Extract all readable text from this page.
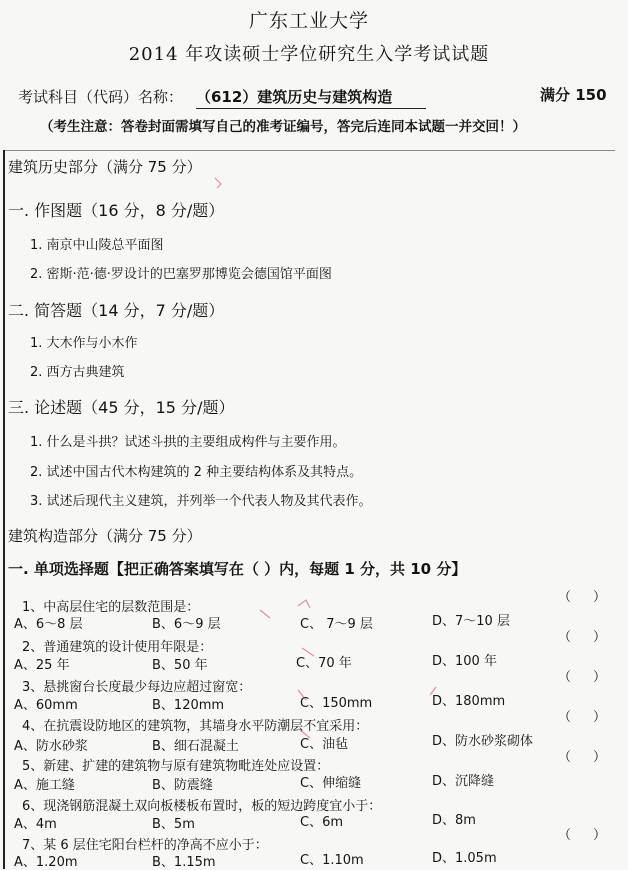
广东工业大学
2014 年攻读硕士学位研究生入学考试试题
考试科目（代码）名称： （612）建筑历史与建筑构造	满分 150
（考生注意：答卷封面需填写自己的准考证编号，答完后连同本试题一并交回！）
建筑历史部分（满分 75 分）
一. 作图题（16 分，8 分/题）
1. 南京中山陵总平面图
2. 密斯·范·德·罗设计的巴塞罗那博览会德国馆平面图
二. 简答题（14 分，7 分/题）
1. 大木作与小木作
2. 西方古典建筑
三. 论述题（45 分，15 分/题）
1. 什么是斗拱？试述斗拱的主要组成构件与主要作用。
2. 试述中国古代木构建筑的 2 种主要结构体系及其特点。
3. 试述后现代主义建筑，并列举一个代表人物及其代表作。
建筑构造部分（满分 75 分）
一. 单项选择题【把正确答案填写在（ ）内，每题 1 分，共 10 分】
1、中高层住宅的层数范围是：
（）
A、6～8 层	B、6～9 层	C、 7～9 层	D、7～10 层
2、普通建筑的设计使用年限是：
（）
A、25 年	B、50 年	C、70 年	D、100 年
3、悬挑窗台长度最少每边应超过窗宽：
（）
A、60mm	B、120mm	C、150mm	D、180mm
4、在抗震设防地区的建筑物，其墙身水平防潮层不宜采用：
（）
A、防水砂浆	B、细石混凝土	C、油毡	D、防水砂浆砌体
5、新建、扩建的建筑物与原有建筑物毗连处应设置：
（）
A、施工缝	B、防震缝	C、伸缩缝	D、沉降缝
6、现浇钢筋混凝土双向板楼板布置时，板的短边跨度宜小于：
A、4m	B、5m	C、6m	D、8m
7、某 6 层住宅阳台栏杆的净高不应小于：
（）
A、1.20m	B、1.15m	C、1.10m	D、1.05m
